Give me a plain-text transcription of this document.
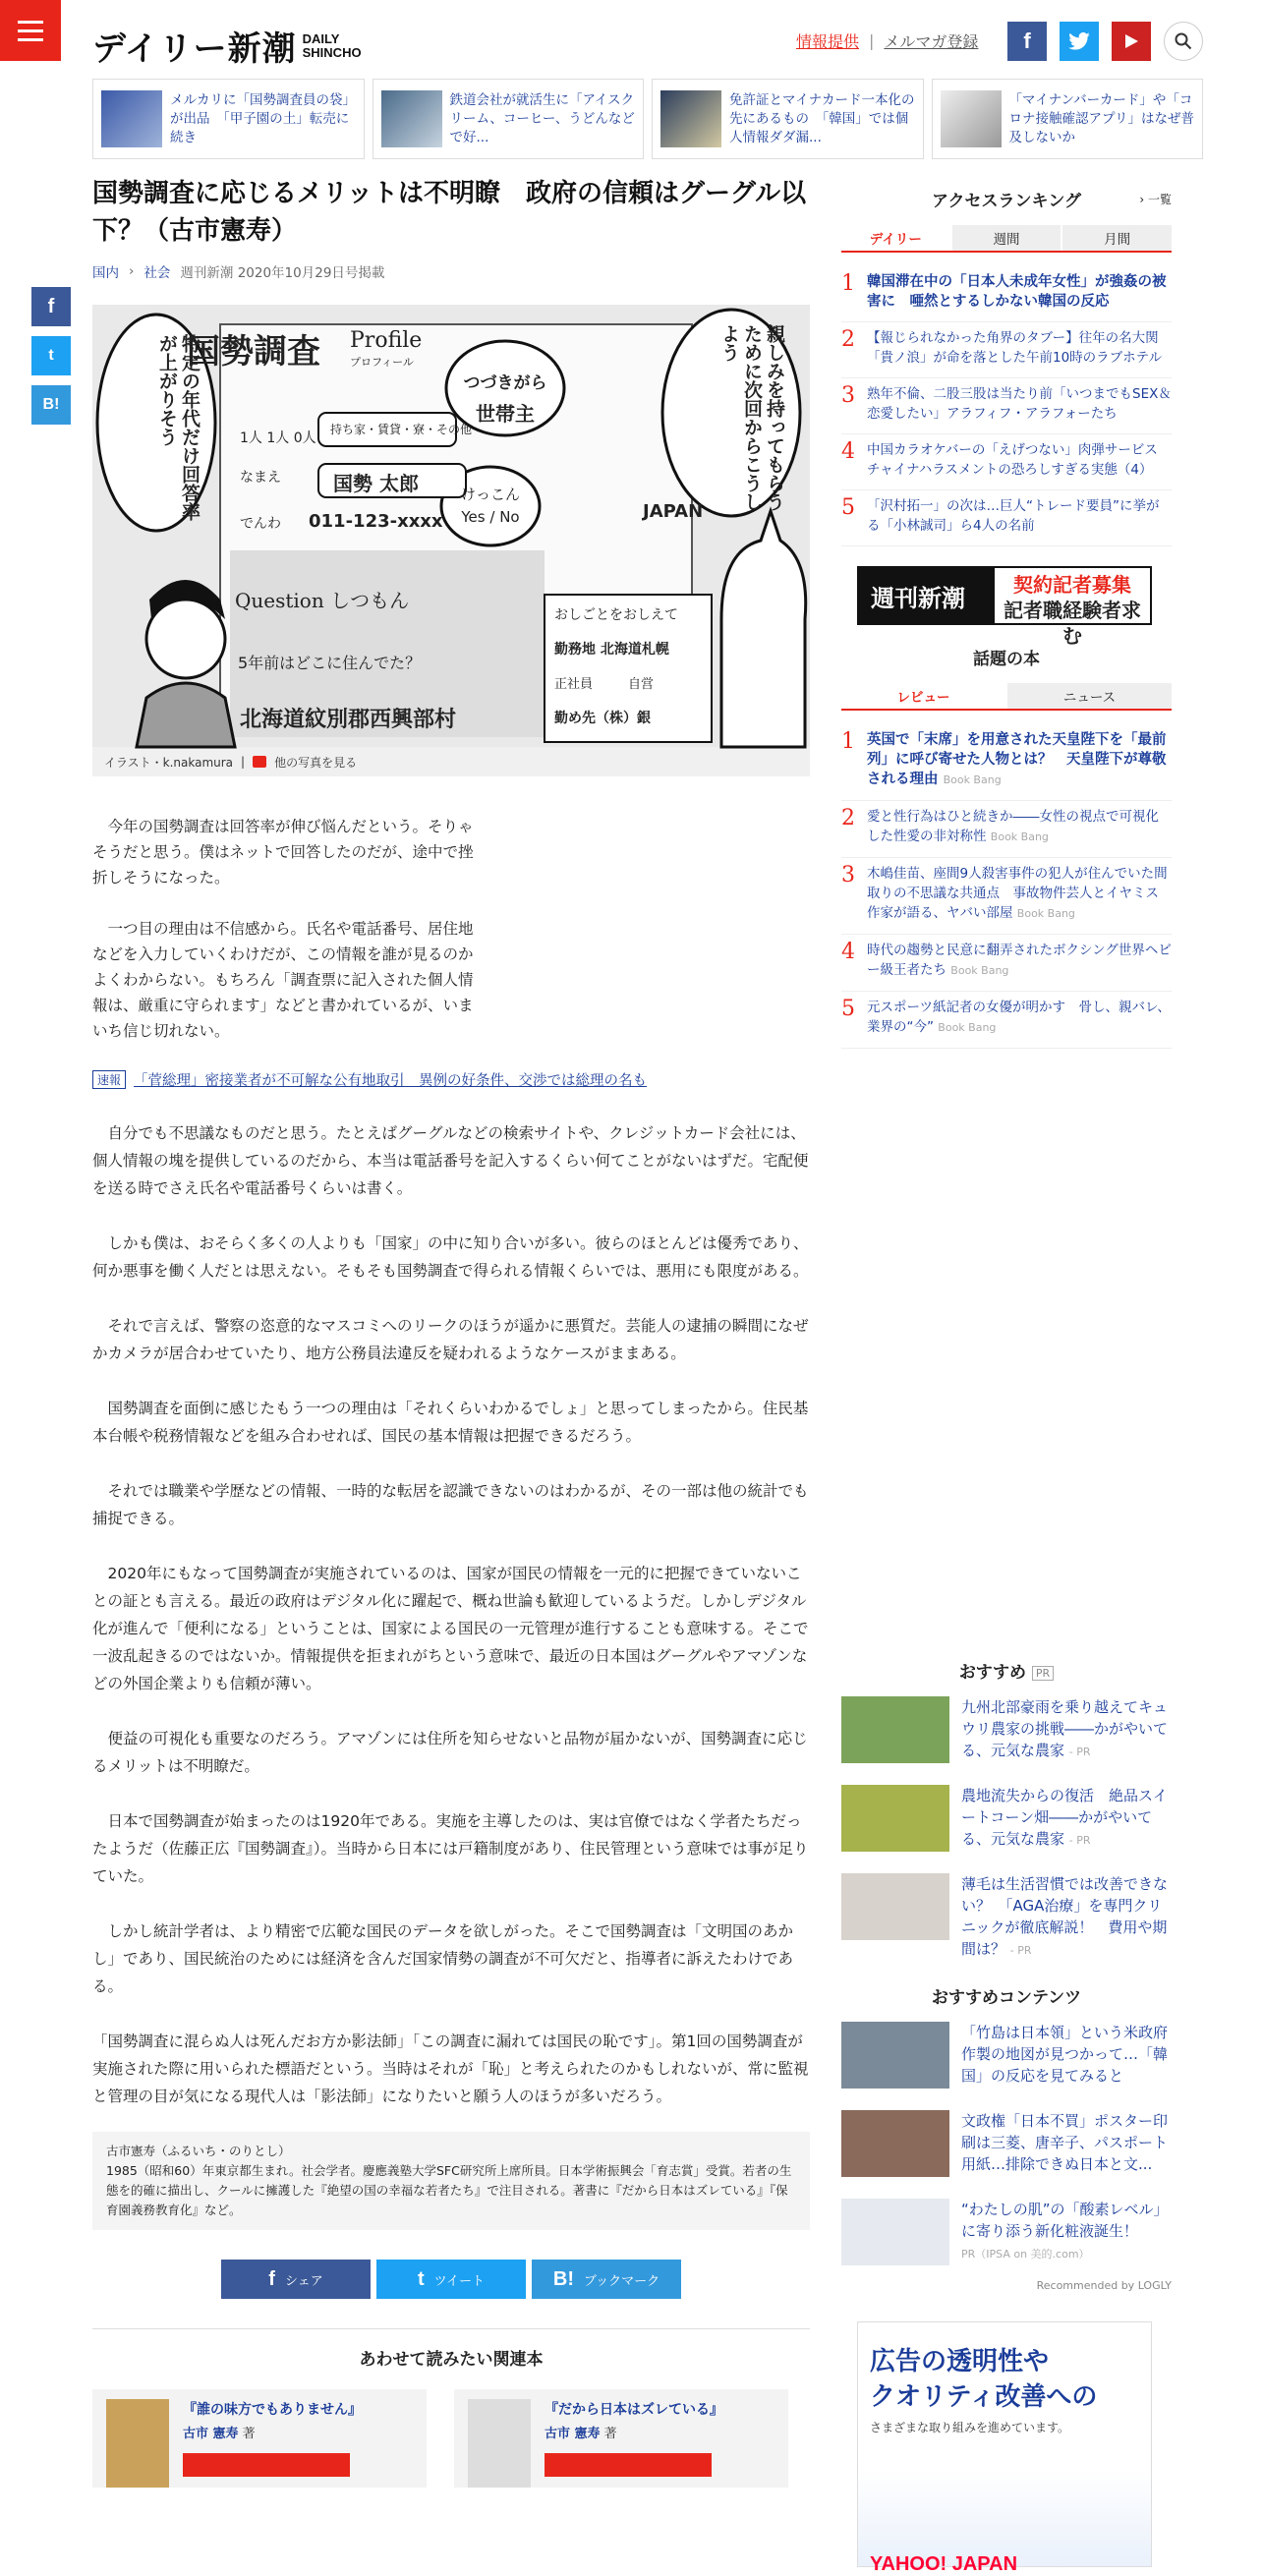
デイリー新潮 DAILY
SHINCHO
情報提供 | メルマガ登録	f

メルカリに「国勢調査員の袋」が出品　「甲子園の土」転売に続き

鉄道会社が就活生に「アイスクリーム、コーヒー、うどんなどで好...

免許証とマイナカード一本化の先にあるもの　「韓国」では個人情報ダダ漏...

「マイナンバーカード」や「コロナ接触確認アプリ」はなぜ普及しないか

f
t
B!
国勢調査に応じるメリットは不明瞭　政府の信頼はグーグル以下？（古市憲寿）
国内 › 社会 週刊新潮 2020年10月29日号掲載
国勢調査 Profile
プロフィール
特定の年代だけ回答率が上がりそう	親しみを持ってもらうために次回からこうしよう
つづきがら
世帯主
けっこん
Yes / No	JAPAN
1人 1人 0人
持ち家・賃貸・寮・その他
なまえ	国勢 太郎
でんわ 011-123-xxxx
Question しつもん
5年前はどこに住んでた？
北海道紋別郡西興部村
おしごとをおしえて
勤務地 北海道札幌
正社員	自営
勤め先（株）銀
イラスト・k.nakamura |	他の写真を見る

今年の国勢調査は回答率が伸び悩んだという。そりゃそうだと思う。僕はネットで回答したのだが、途中で挫折しそうになった。

一つ目の理由は不信感から。氏名や電話番号、居住地などを入力していくわけだが、この情報を誰が見るのかよくわからない。もちろん「調査票に記入された個人情報は、厳重に守られます」などと書かれているが、いまいち信じ切れない。

速報 「菅総理」密接業者が不可解な公有地取引　異例の好条件、交渉では総理の名も

自分でも不思議なものだと思う。たとえばグーグルなどの検索サイトや、クレジットカード会社には、個人情報の塊を提供しているのだから、本当は電話番号を記入するくらい何てことがないはずだ。宅配便を送る時でさえ氏名や電話番号くらいは書く。

しかも僕は、おそらく多くの人よりも「国家」の中に知り合いが多い。彼らのほとんどは優秀であり、何か悪事を働く人だとは思えない。そもそも国勢調査で得られる情報くらいでは、悪用にも限度がある。

それで言えば、警察の恣意的なマスコミへのリークのほうが遥かに悪質だ。芸能人の逮捕の瞬間になぜかカメラが居合わせていたり、地方公務員法違反を疑われるようなケースがままある。

国勢調査を面倒に感じたもう一つの理由は「それくらいわかるでしょ」と思ってしまったから。住民基本台帳や税務情報などを組み合わせれば、国民の基本情報は把握できるだろう。

それでは職業や学歴などの情報、一時的な転居を認識できないのはわかるが、その一部は他の統計でも捕捉できる。

2020年にもなって国勢調査が実施されているのは、国家が国民の情報を一元的に把握できていないことの証とも言える。最近の政府はデジタル化に躍起で、概ね世論も歓迎しているようだ。しかしデジタル化が進んで「便利になる」ということは、国家による国民の一元管理が進行することも意味する。そこで一波乱起きるのではないか。情報提供を拒まれがちという意味で、最近の日本国はグーグルやアマゾンなどの外国企業よりも信頼が薄い。

便益の可視化も重要なのだろう。アマゾンには住所を知らせないと品物が届かないが、国勢調査に応じるメリットは不明瞭だ。

日本で国勢調査が始まったのは1920年である。実施を主導したのは、実は官僚ではなく学者たちだったようだ（佐藤正広『国勢調査』）。当時から日本には戸籍制度があり、住民管理という意味では事が足りていた。

しかし統計学者は、より精密で広範な国民のデータを欲しがった。そこで国勢調査は「文明国のあかし」であり、国民統治のためには経済を含んだ国家情勢の調査が不可欠だと、指導者に訴えたわけである。

「国勢調査に混らぬ人は死んだお方か影法師」「この調査に漏れては国民の恥です」。第1回の国勢調査が実施された際に用いられた標語だという。当時はそれが「恥」と考えられたのかもしれないが、常に監視と管理の目が気になる現代人は「影法師」になりたいと願う人のほうが多いだろう。

古市憲寿（ふるいち・のりとし）
1985（昭和60）年東京都生まれ。社会学者。慶應義塾大学SFC研究所上席所員。日本学術振興会「育志賞」受賞。若者の生態を的確に描出し、クールに擁護した『絶望の国の幸福な若者たち』で注目される。著書に『だから日本はズレている』『保育園義務教育化』など。
f シェア	t ツイート	B! ブックマーク
あわせて読みたい関連本
『誰の味方でもありません』
古市 憲寿 著
『だから日本はズレている』
古市 憲寿 著
アクセスランキング	› 一覧
デイリー	週間	月間
1 韓国滞在中の「日本人未成年女性」が強姦の被害に　唖然とするしかない韓国の反応
2 【報じられなかった角界のタブー】往年の名大関「貴ノ浪」が命を落とした午前10時のラブホテル
3 熟年不倫、二股三股は当たり前「いつまでもSEX＆恋愛したい」アラフィフ・アラフォーたち
4 中国カラオケバーの「えげつない」肉弾サービス　チャイナハラスメントの恐ろしすぎる実態（4）
5 「沢村拓一」の次は…巨人“トレード要員”に挙がる「小林誠司」ら4人の名前
週刊新潮	契約記者募集
記者職経験者求む
話題の本
レビュー	ニュース
1 英国で「末席」を用意された天皇陛下を「最前列」に呼び寄せた人物とは？　天皇陛下が尊敬される理由 Book Bang
2 愛と性行為はひと続きか――女性の視点で可視化した性愛の非対称性 Book Bang
3 木嶋佳苗、座間9人殺害事件の犯人が住んでいた間取りの不思議な共通点　事故物件芸人とイヤミス作家が語る、ヤバい部屋 Book Bang
4 時代の趨勢と民意に翻弄されたボクシング世界ヘビー級王者たち Book Bang
5 元スポーツ紙記者の女優が明かす　骨し、親バレ、業界の“今” Book Bang
おすすめ PR
九州北部豪雨を乗り越えてキュウリ農家の挑戦――かがやいてる、元気な農家 - PR
農地流失からの復活　絶品スイートコーン畑――かがやいてる、元気な農家 - PR
薄毛は生活習慣では改善できない？　「AGA治療」を専門クリニックが徹底解説！　費用や期間は？ - PR
おすすめコンテンツ
「竹島は日本領」という米政府作製の地図が見つかって…「韓国」の反応を見てみると
文政権「日本不買」ポスター印刷は三菱、唐辛子、パスポート用紙…排除できぬ日本と文...
“わたしの肌”の「酸素レベル」に寄り添う新化粧液誕生！
PR（IPSA on 美的.com）
Recommended by LOGLY
広告の透明性や
クオリティ改善への
さまざまな取り組みを進めています。
YAHOO! JAPAN
